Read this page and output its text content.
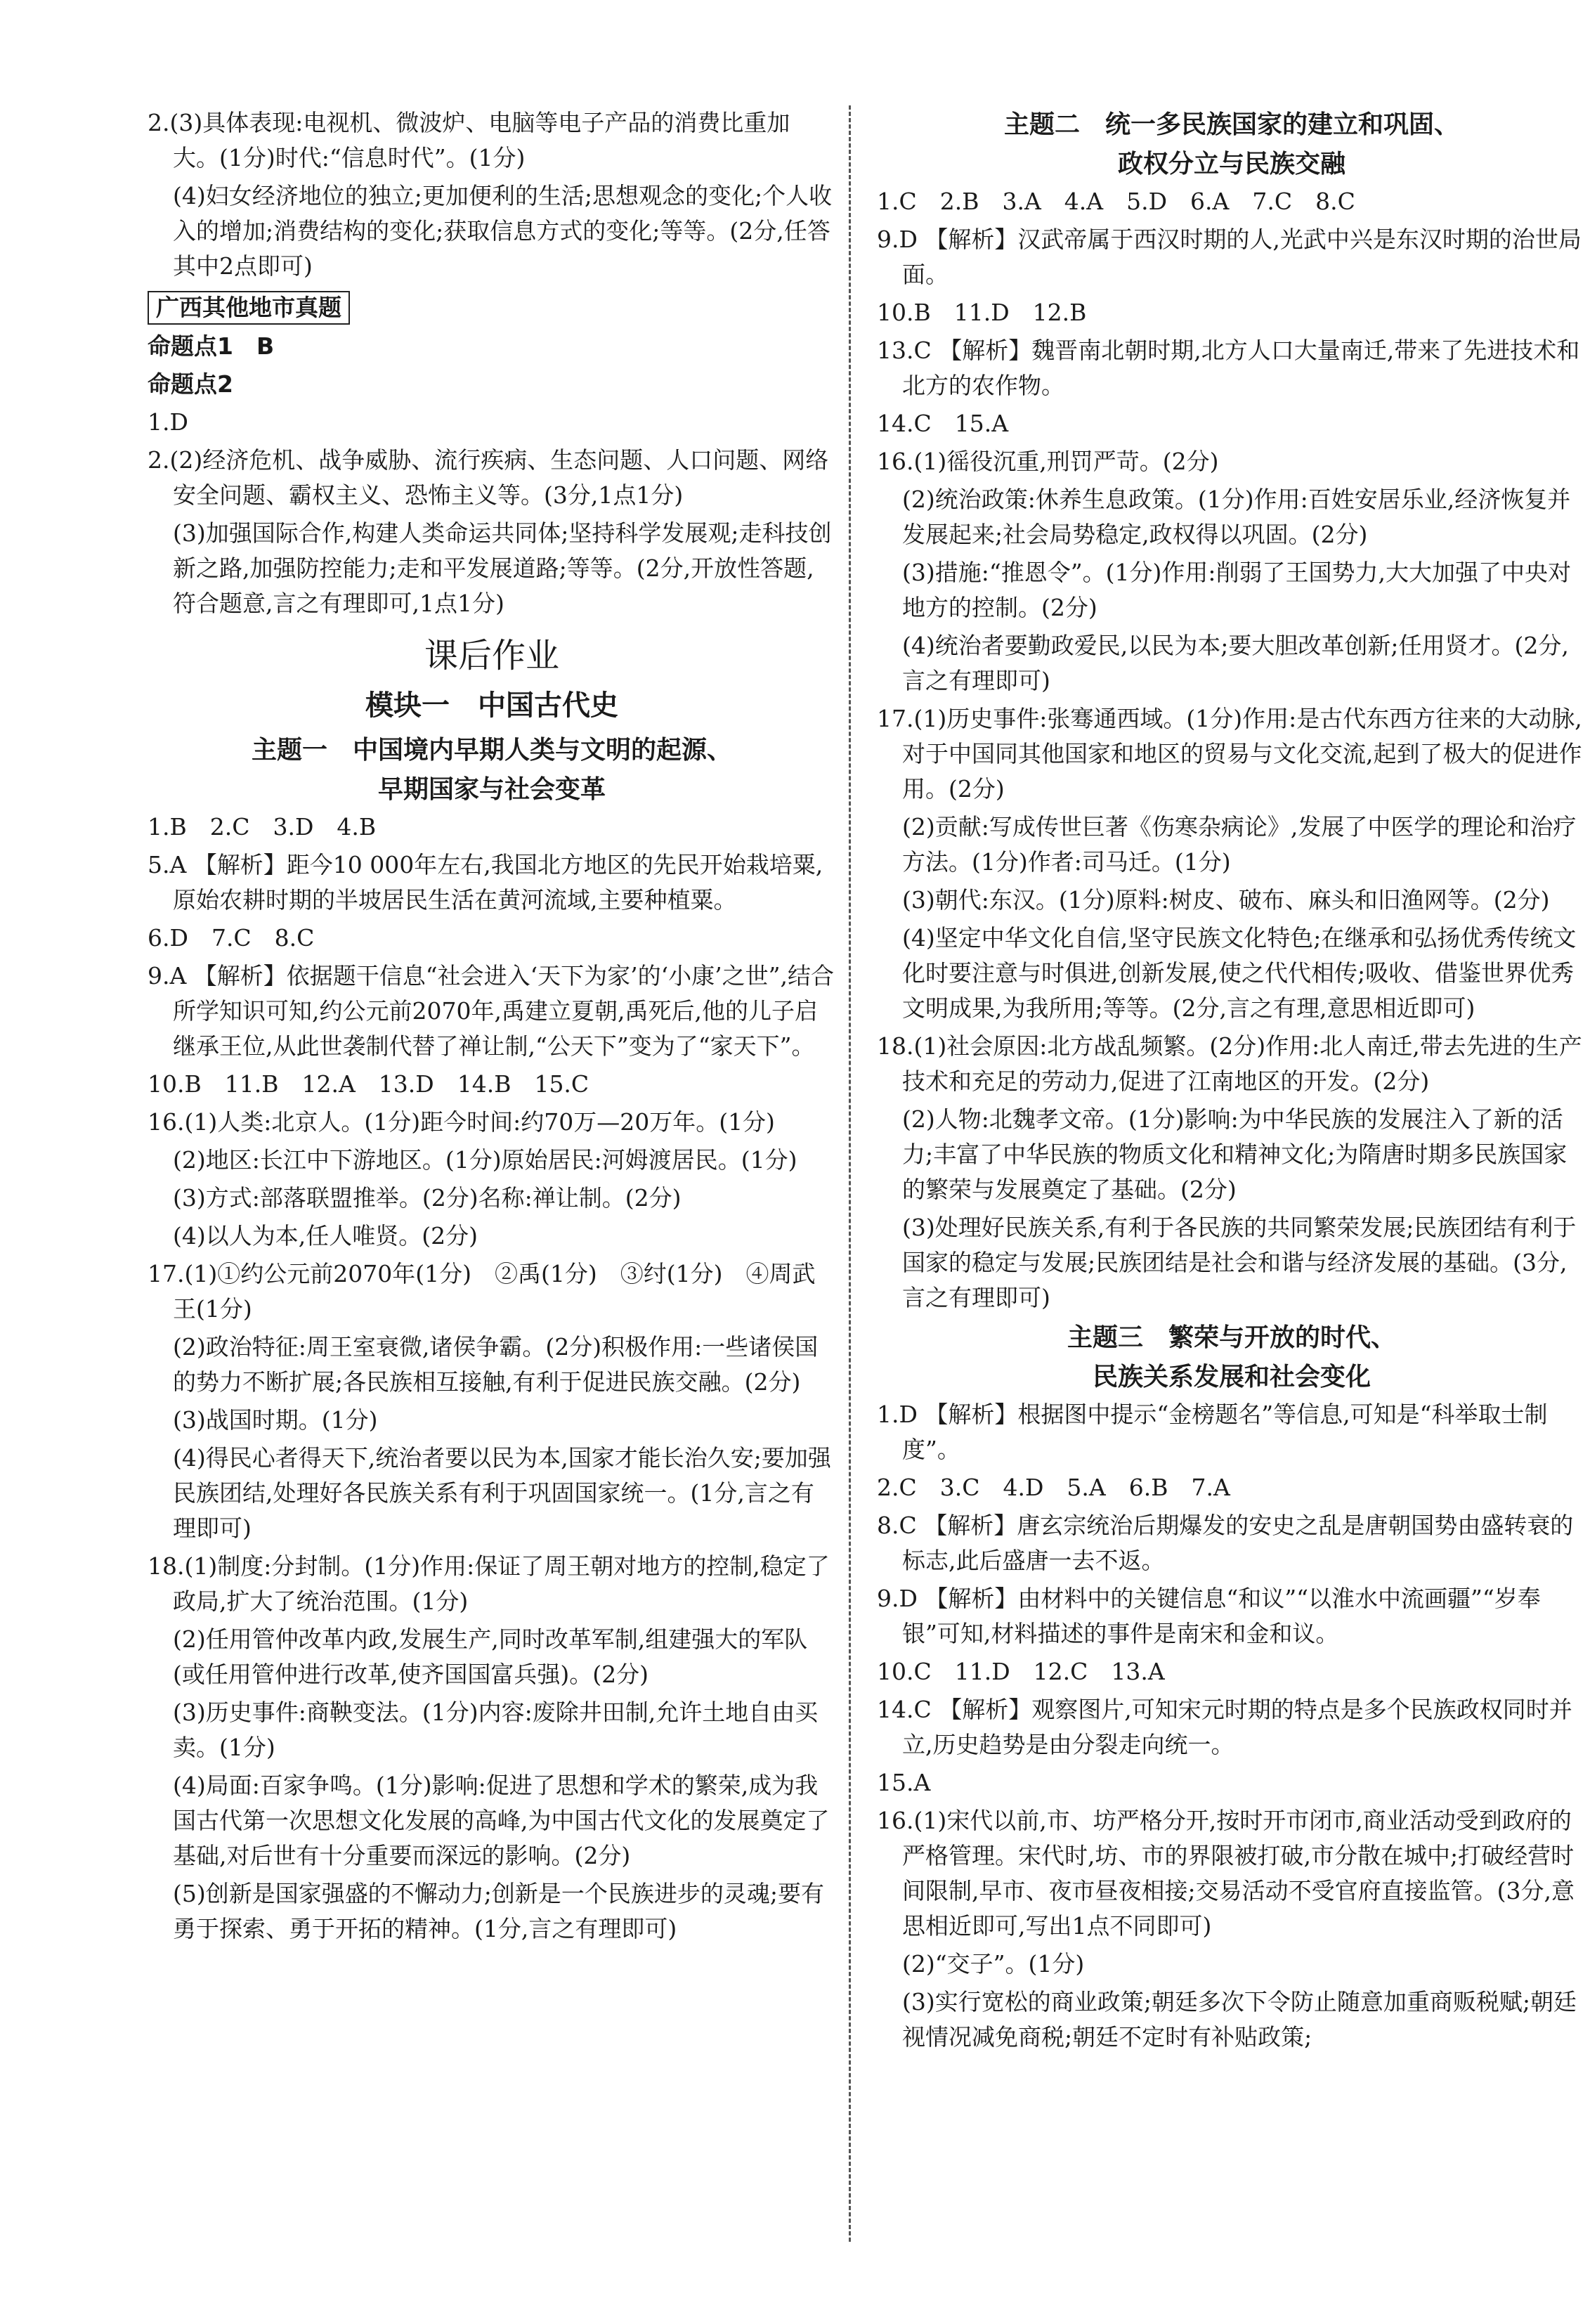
2.(3)具体表现:电视机、微波炉、电脑等电子产品的消费比重加大。(1分)时代:“信息时代”。(1分)

(4)妇女经济地位的独立;更加便利的生活;思想观念的变化;个人收入的增加;消费结构的变化;获取信息方式的变化;等等。(2分,任答其中2点即可)

广西其他地市真题

命题点1　B

命题点2

1.D

2.(2)经济危机、战争威胁、流行疾病、生态问题、人口问题、网络安全问题、霸权主义、恐怖主义等。(3分,1点1分)

(3)加强国际合作,构建人类命运共同体;坚持科学发展观;走科技创新之路,加强防控能力;走和平发展道路;等等。(2分,开放性答题,符合题意,言之有理即可,1点1分)

课后作业
模块一　中国古代史
主题一　中国境内早期人类与文明的起源、
早期国家与社会变革

1.B　2.C　3.D　4.B

5.A 【解析】距今10 000年左右,我国北方地区的先民开始栽培粟,原始农耕时期的半坡居民生活在黄河流域,主要种植粟。

6.D　7.C　8.C

9.A 【解析】依据题干信息“社会进入‘天下为家’的‘小康’之世”,结合所学知识可知,约公元前2070年,禹建立夏朝,禹死后,他的儿子启继承王位,从此世袭制代替了禅让制,“公天下”变为了“家天下”。

10.B　11.B　12.A　13.D　14.B　15.C

16.(1)人类:北京人。(1分)距今时间:约70万—20万年。(1分)

(2)地区:长江中下游地区。(1分)原始居民:河姆渡居民。(1分)

(3)方式:部落联盟推举。(2分)名称:禅让制。(2分)

(4)以人为本,任人唯贤。(2分)

17.(1)①约公元前2070年(1分)　②禹(1分)　③纣(1分)　④周武王(1分)

(2)政治特征:周王室衰微,诸侯争霸。(2分)积极作用:一些诸侯国的势力不断扩展;各民族相互接触,有利于促进民族交融。(2分)

(3)战国时期。(1分)

(4)得民心者得天下,统治者要以民为本,国家才能长治久安;要加强民族团结,处理好各民族关系有利于巩固国家统一。(1分,言之有理即可)

18.(1)制度:分封制。(1分)作用:保证了周王朝对地方的控制,稳定了政局,扩大了统治范围。(1分)

(2)任用管仲改革内政,发展生产,同时改革军制,组建强大的军队(或任用管仲进行改革,使齐国国富兵强)。(2分)

(3)历史事件:商鞅变法。(1分)内容:废除井田制,允许土地自由买卖。(1分)

(4)局面:百家争鸣。(1分)影响:促进了思想和学术的繁荣,成为我国古代第一次思想文化发展的高峰,为中国古代文化的发展奠定了基础,对后世有十分重要而深远的影响。(2分)

(5)创新是国家强盛的不懈动力;创新是一个民族进步的灵魂;要有勇于探索、勇于开拓的精神。(1分,言之有理即可)

主题二　统一多民族国家的建立和巩固、
政权分立与民族交融

1.C　2.B　3.A　4.A　5.D　6.A　7.C　8.C

9.D 【解析】汉武帝属于西汉时期的人,光武中兴是东汉时期的治世局面。

10.B　11.D　12.B

13.C 【解析】魏晋南北朝时期,北方人口大量南迁,带来了先进技术和北方的农作物。

14.C　15.A

16.(1)徭役沉重,刑罚严苛。(2分)

(2)统治政策:休养生息政策。(1分)作用:百姓安居乐业,经济恢复并发展起来;社会局势稳定,政权得以巩固。(2分)

(3)措施:“推恩令”。(1分)作用:削弱了王国势力,大大加强了中央对地方的控制。(2分)

(4)统治者要勤政爱民,以民为本;要大胆改革创新;任用贤才。(2分,言之有理即可)

17.(1)历史事件:张骞通西域。(1分)作用:是古代东西方往来的大动脉,对于中国同其他国家和地区的贸易与文化交流,起到了极大的促进作用。(2分)

(2)贡献:写成传世巨著《伤寒杂病论》,发展了中医学的理论和治疗方法。(1分)作者:司马迁。(1分)

(3)朝代:东汉。(1分)原料:树皮、破布、麻头和旧渔网等。(2分)

(4)坚定中华文化自信,坚守民族文化特色;在继承和弘扬优秀传统文化时要注意与时俱进,创新发展,使之代代相传;吸收、借鉴世界优秀文明成果,为我所用;等等。(2分,言之有理,意思相近即可)

18.(1)社会原因:北方战乱频繁。(2分)作用:北人南迁,带去先进的生产技术和充足的劳动力,促进了江南地区的开发。(2分)

(2)人物:北魏孝文帝。(1分)影响:为中华民族的发展注入了新的活力;丰富了中华民族的物质文化和精神文化;为隋唐时期多民族国家的繁荣与发展奠定了基础。(2分)

(3)处理好民族关系,有利于各民族的共同繁荣发展;民族团结有利于国家的稳定与发展;民族团结是社会和谐与经济发展的基础。(3分,言之有理即可)

主题三　繁荣与开放的时代、
民族关系发展和社会变化

1.D 【解析】根据图中提示“金榜题名”等信息,可知是“科举取士制度”。

2.C　3.C　4.D　5.A　6.B　7.A

8.C 【解析】唐玄宗统治后期爆发的安史之乱是唐朝国势由盛转衰的标志,此后盛唐一去不返。

9.D 【解析】由材料中的关键信息“和议”“以淮水中流画疆”“岁奉银”可知,材料描述的事件是南宋和金和议。

10.C　11.D　12.C　13.A

14.C 【解析】观察图片,可知宋元时期的特点是多个民族政权同时并立,历史趋势是由分裂走向统一。

15.A

16.(1)宋代以前,市、坊严格分开,按时开市闭市,商业活动受到政府的严格管理。宋代时,坊、市的界限被打破,市分散在城中;打破经营时间限制,早市、夜市昼夜相接;交易活动不受官府直接监管。(3分,意思相近即可,写出1点不同即可)

(2)“交子”。(1分)

(3)实行宽松的商业政策;朝廷多次下令防止随意加重商贩税赋;朝廷视情况减免商税;朝廷不定时有补贴政策;
